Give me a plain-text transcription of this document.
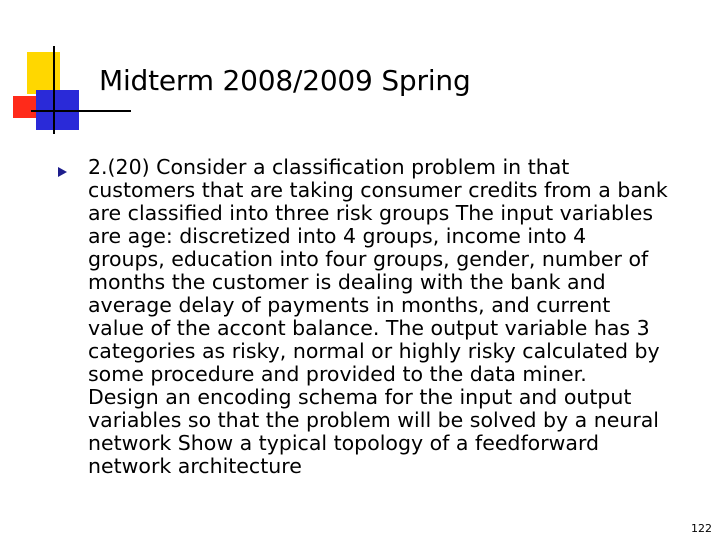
Midterm 2008/2009 Spring
2.(20) Consider a classification problem in that
customers that are taking consumer credits from a bank
are classified into three risk groups The input variables
are age: discretized into 4 groups, income into 4
groups, education into four groups, gender, number of
months the customer is dealing with the bank and
average delay of payments in months, and current
value of the accont balance. The output variable has 3
categories as risky, normal or highly risky calculated by
some procedure and provided to the data miner.
Design an encoding schema for the input and output
variables so that the problem will be solved by a neural
network Show a typical topology of a feedforward
network architecture
122
